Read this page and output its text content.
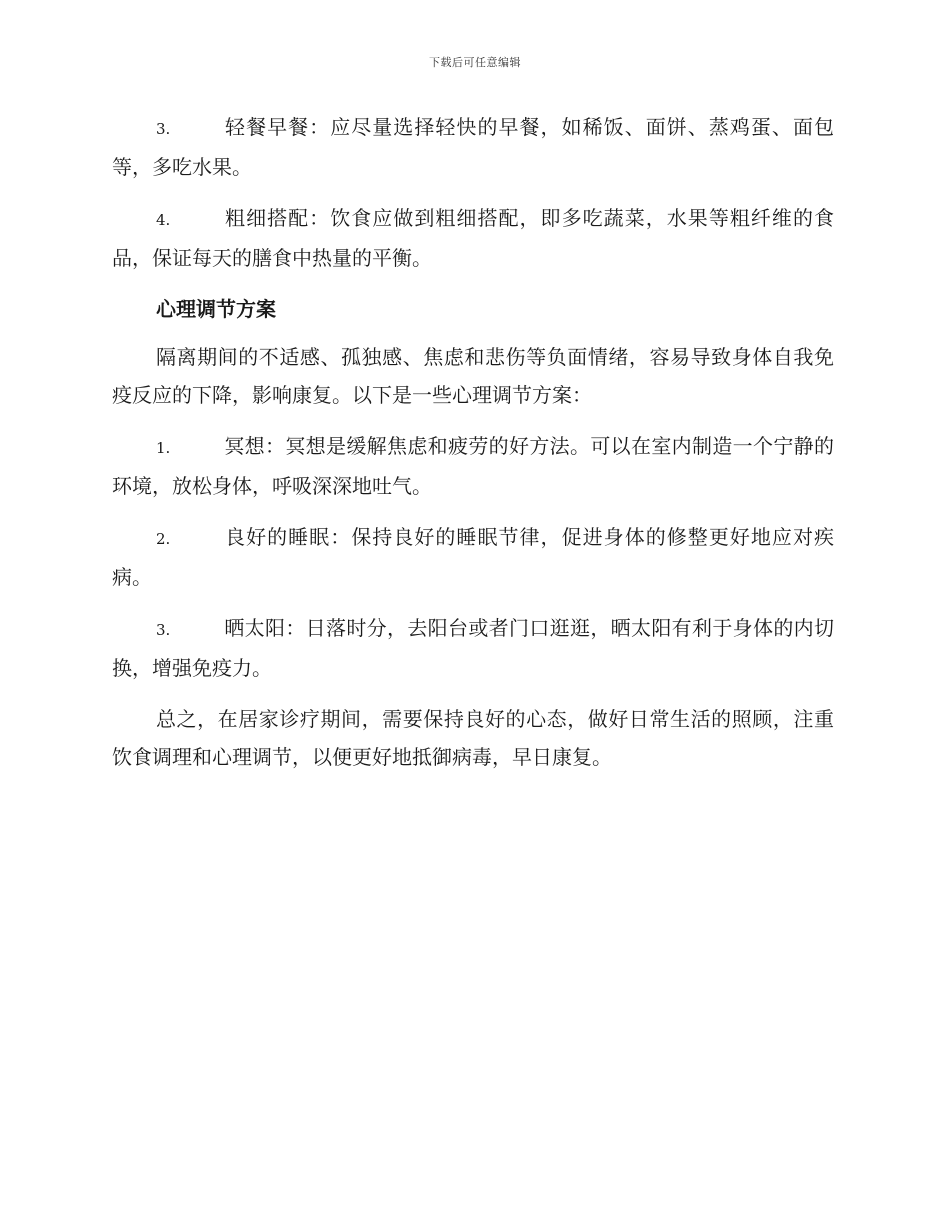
下载后可任意编辑

3.	轻餐早餐：应尽量选择轻快的早餐，如稀饭、面饼、蒸鸡蛋、面包等，多吃水果。

4.	粗细搭配：饮食应做到粗细搭配，即多吃蔬菜，水果等粗纤维的食品，保证每天的膳食中热量的平衡。

心理调节方案

隔离期间的不适感、孤独感、焦虑和悲伤等负面情绪，容易导致身体自我免疫反应的下降，影响康复。以下是一些心理调节方案：

1.	冥想：冥想是缓解焦虑和疲劳的好方法。可以在室内制造一个宁静的环境，放松身体，呼吸深深地吐气。

2.	良好的睡眠：保持良好的睡眠节律，促进身体的修整更好地应对疾病。

3.	晒太阳：日落时分，去阳台或者门口逛逛，晒太阳有利于身体的内切换，增强免疫力。

总之，在居家诊疗期间，需要保持良好的心态，做好日常生活的照顾，注重饮食调理和心理调节，以便更好地抵御病毒，早日康复。
